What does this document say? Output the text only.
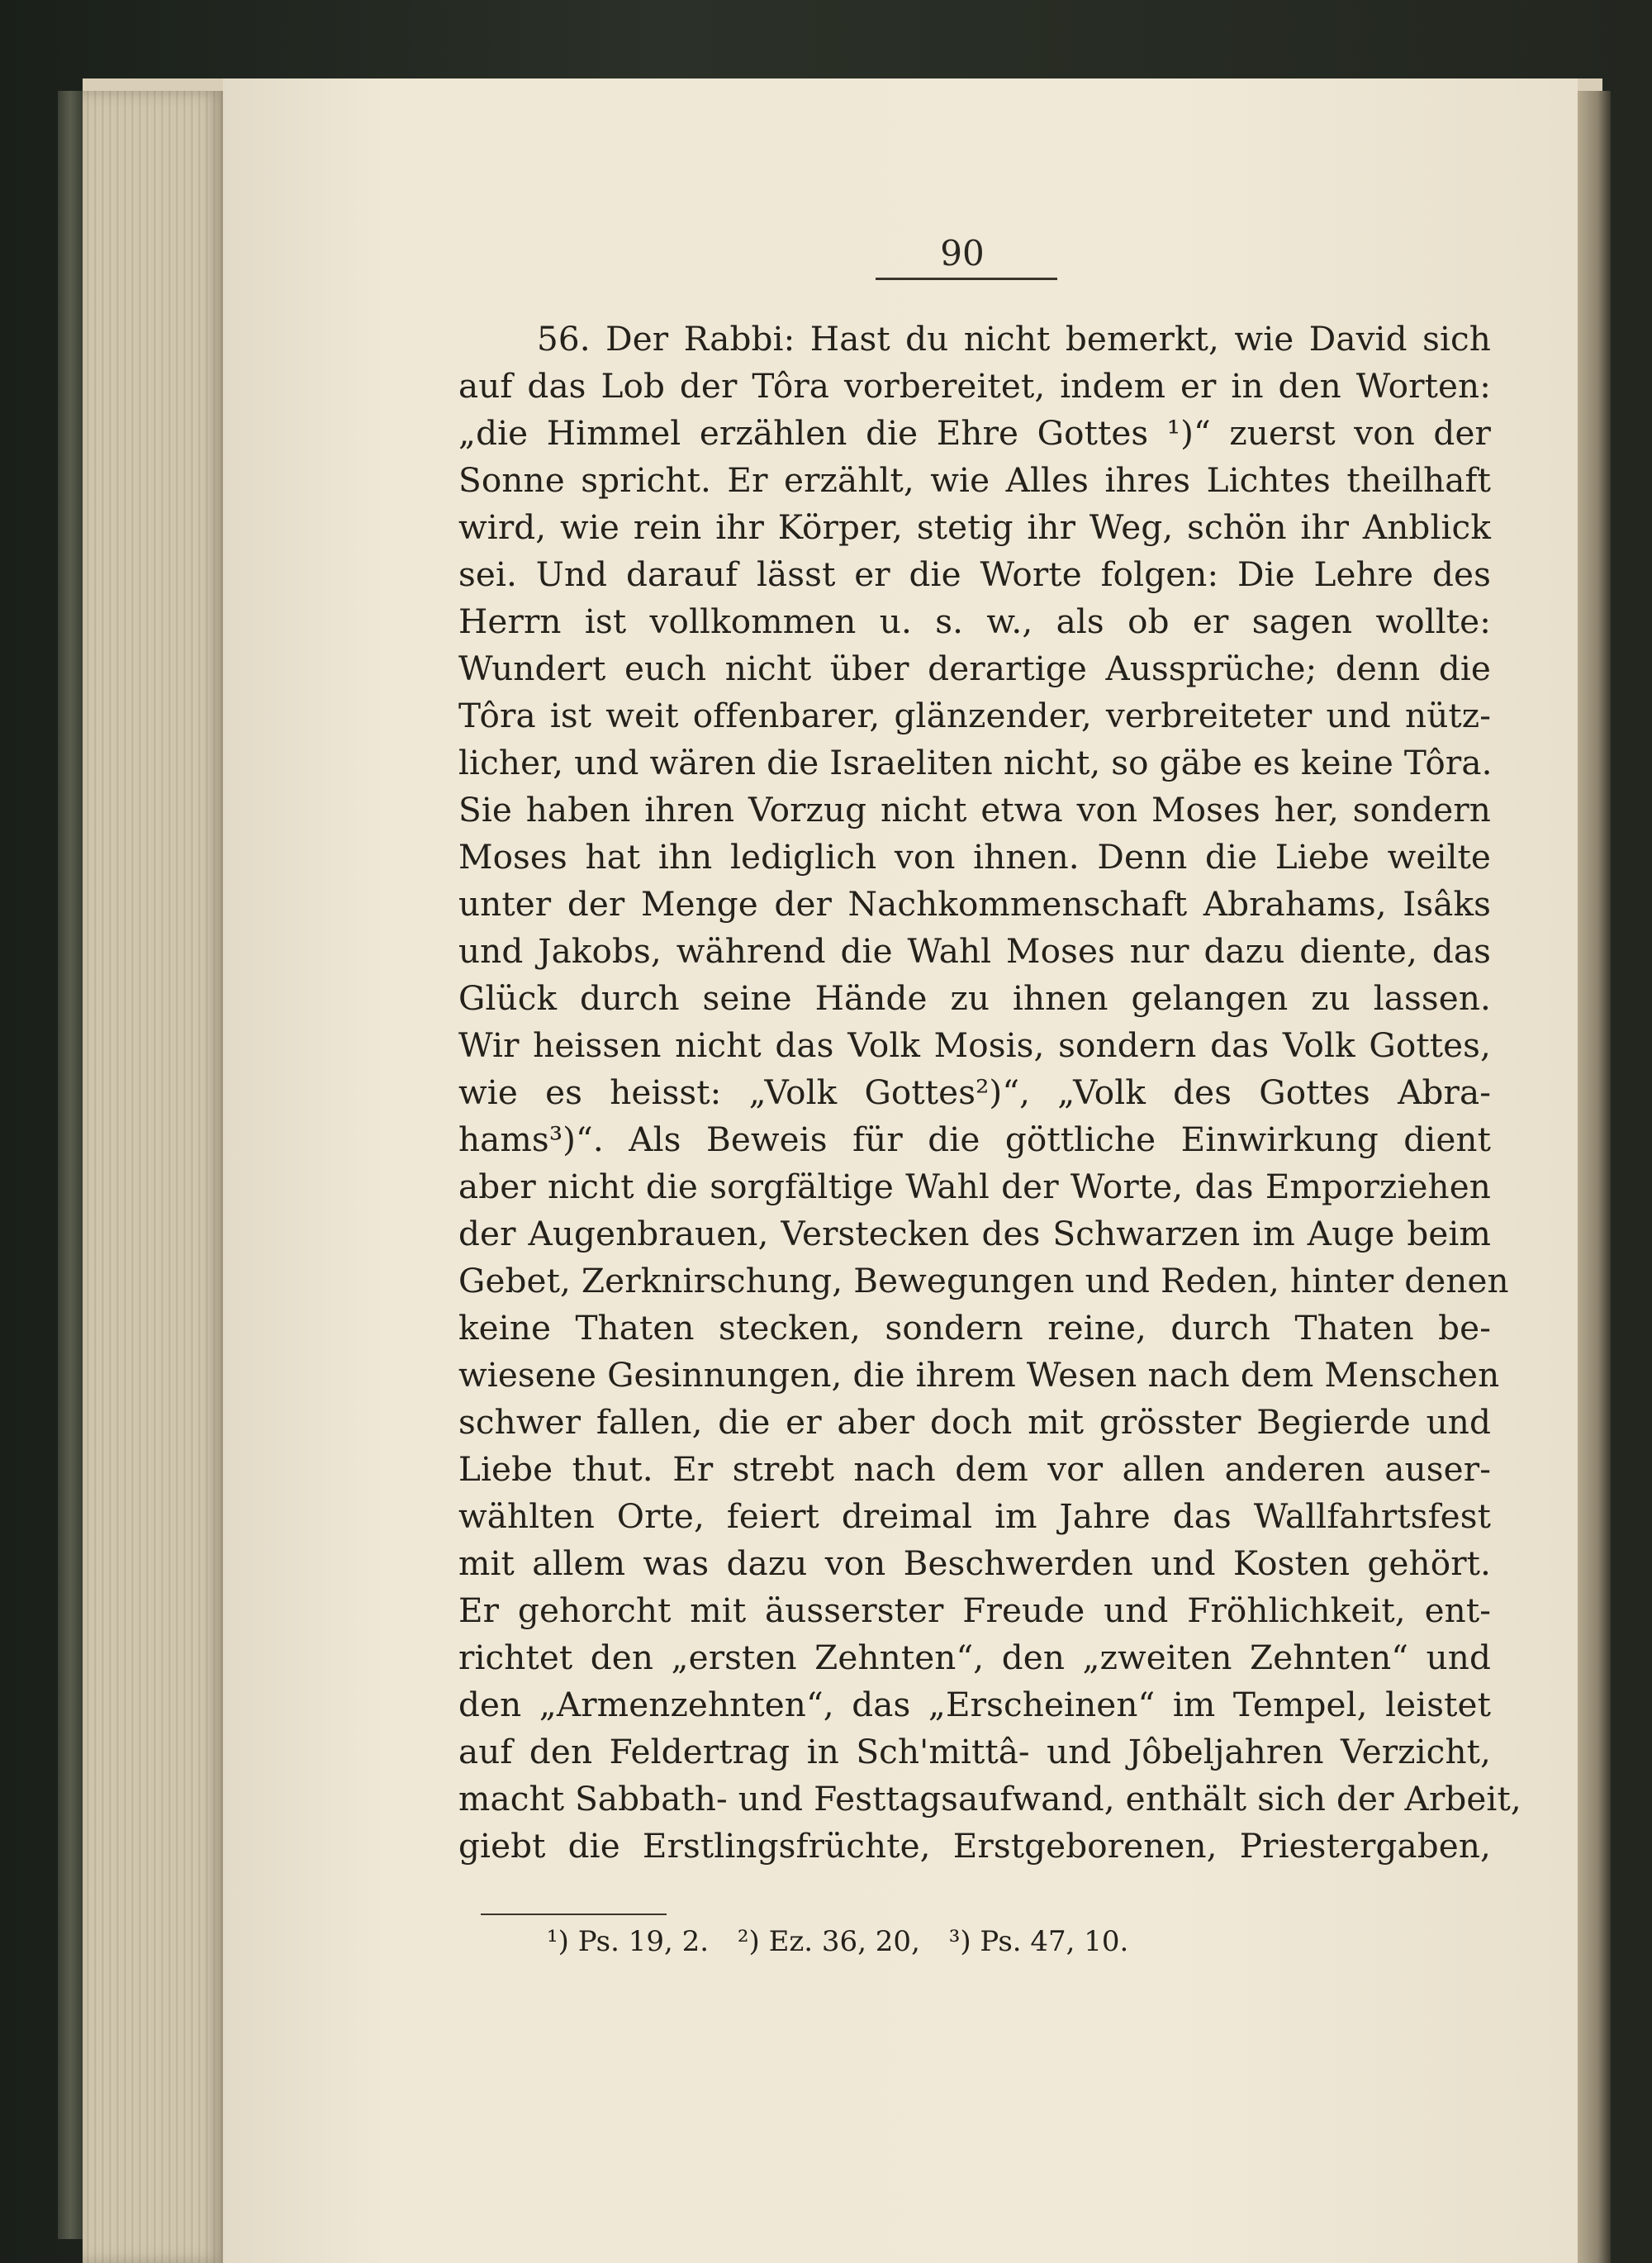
90
56. Der Rabbi: Hast du nicht bemerkt, wie David sich
auf das Lob der Tôra vorbereitet, indem er in den Worten:
„die Himmel erzählen die Ehre Gottes ¹)“ zuerst von der
Sonne spricht. Er erzählt, wie Alles ihres Lichtes theilhaft
wird, wie rein ihr Körper, stetig ihr Weg, schön ihr Anblick
sei. Und darauf lässt er die Worte folgen: Die Lehre des
Herrn ist vollkommen u. s. w., als ob er sagen wollte:
Wundert euch nicht über derartige Aussprüche; denn die
Tôra ist weit offenbarer, glänzender, verbreiteter und nütz-
licher, und wären die Israeliten nicht, so gäbe es keine Tôra.
Sie haben ihren Vorzug nicht etwa von Moses her, sondern
Moses hat ihn lediglich von ihnen. Denn die Liebe weilte
unter der Menge der Nachkommenschaft Abrahams, Isâks
und Jakobs, während die Wahl Moses nur dazu diente, das
Glück durch seine Hände zu ihnen gelangen zu lassen.
Wir heissen nicht das Volk Mosis, sondern das Volk Gottes,
wie es heisst: „Volk Gottes²)“, „Volk des Gottes Abra-
hams³)“. Als Beweis für die göttliche Einwirkung dient
aber nicht die sorgfältige Wahl der Worte, das Emporziehen
der Augenbrauen, Verstecken des Schwarzen im Auge beim
Gebet, Zerknirschung, Bewegungen und Reden, hinter denen
keine Thaten stecken, sondern reine, durch Thaten be-
wiesene Gesinnungen, die ihrem Wesen nach dem Menschen
schwer fallen, die er aber doch mit grösster Begierde und
Liebe thut. Er strebt nach dem vor allen anderen auser-
wählten Orte, feiert dreimal im Jahre das Wallfahrtsfest
mit allem was dazu von Beschwerden und Kosten gehört.
Er gehorcht mit äusserster Freude und Fröhlichkeit, ent-
richtet den „ersten Zehnten“, den „zweiten Zehnten“ und
den „Armenzehnten“, das „Erscheinen“ im Tempel, leistet
auf den Feldertrag in Sch'mittâ- und Jôbeljahren Verzicht,
macht Sabbath- und Festtagsaufwand, enthält sich der Arbeit,
giebt die Erstlingsfrüchte, Erstgeborenen, Priestergaben,
¹) Ps. 19, 2. ²) Ez. 36, 20, ³) Ps. 47, 10.
